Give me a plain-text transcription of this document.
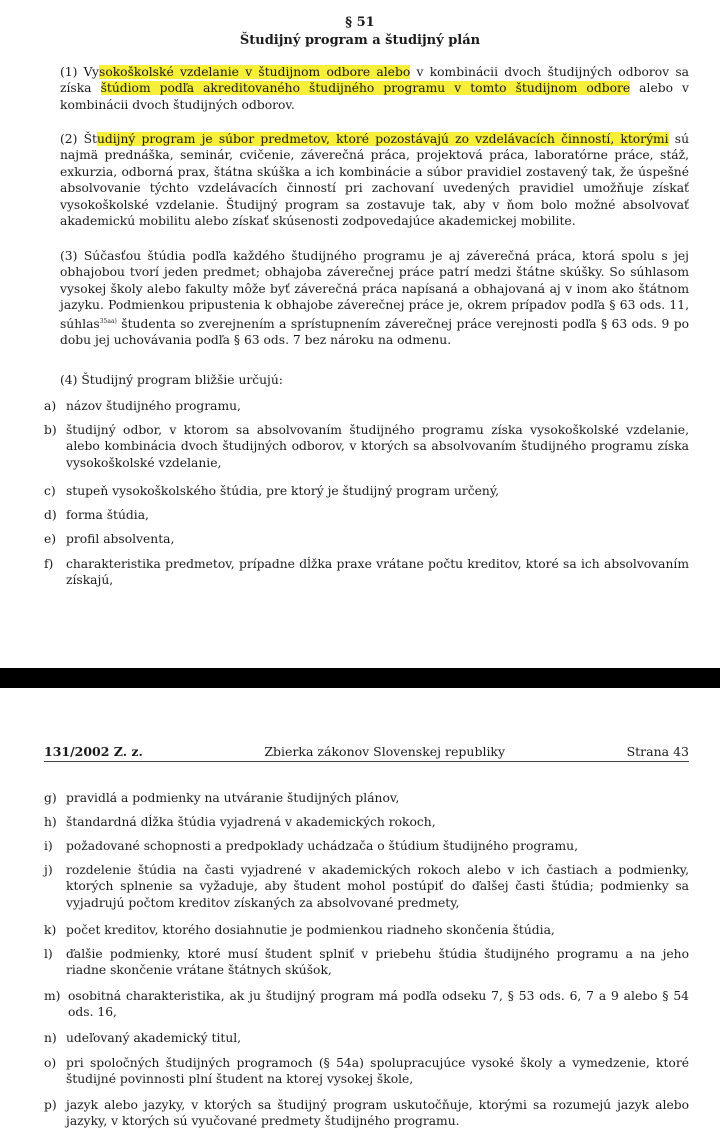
§ 51
Študijný program a študijný plán
(1) Vysokoškolské vzdelanie v študijnom odbore alebo v kombinácii dvoch študijných odborov sa získa štúdiom podľa akreditovaného študijného programu v tomto študijnom odbore alebo v kombinácii dvoch študijných odborov.
(2) Študijný program je súbor predmetov, ktoré pozostávajú zo vzdelávacích činností, ktorými sú najmä prednáška, seminár, cvičenie, záverečná práca, projektová práca, laboratórne práce, stáž, exkurzia, odborná prax, štátna skúška a ich kombinácie a súbor pravidiel zostavený tak, že úspešné absolvovanie týchto vzdelávacích činností pri zachovaní uvedených pravidiel umožňuje získať vysokoškolské vzdelanie. Študijný program sa zostavuje tak, aby v ňom bolo možné absolvovať akademickú mobilitu alebo získať skúsenosti zodpovedajúce akademickej mobilite.
(3) Súčasťou štúdia podľa každého študijného programu je aj záverečná práca, ktorá spolu s jej obhajobou tvorí jeden predmet; obhajoba záverečnej práce patrí medzi štátne skúšky. So súhlasom vysokej školy alebo fakulty môže byť záverečná práca napísaná a obhajovaná aj v inom ako štátnom jazyku. Podmienkou pripustenia k obhajobe záverečnej práce je, okrem prípadov podľa § 63 ods. 11, súhlas$^{35aa)}$ študenta so zverejnením a sprístupnením záverečnej práce verejnosti podľa § 63 ods. 9 po dobu jej uchovávania podľa § 63 ods. 7 bez nároku na odmenu.
(4) Študijný program bližšie určujú:
a) názov študijného programu,
b) študijný odbor, v ktorom sa absolvovaním študijného programu získa vysokoškolské vzdelanie, alebo kombinácia dvoch študijných odborov, v ktorých sa absolvovaním študijného programu získa vysokoškolské vzdelanie,
c) stupeň vysokoškolského štúdia, pre ktorý je študijný program určený,
d) forma štúdia,
e) profil absolventa,
f)	charakteristika predmetov, prípadne dĺžka praxe vrátane počtu kreditov, ktoré sa ich absolvovaním získajú,
131/2002 Z. z.	Zbierka zákonov Slovenskej republiky	Strana 43
g) pravidlá a podmienky na utváranie študijných plánov,
h) štandardná dĺžka štúdia vyjadrená v akademických rokoch,
i)	požadované schopnosti a predpoklady uchádzača o štúdium študijného programu,
j)	rozdelenie štúdia na časti vyjadrené v akademických rokoch alebo v ich častiach a podmienky, ktorých splnenie sa vyžaduje, aby študent mohol postúpiť do ďalšej časti štúdia; podmienky sa vyjadrujú počtom kreditov získaných za absolvované predmety,
k) počet kreditov, ktorého dosiahnutie je podmienkou riadneho skončenia štúdia,
l)	ďalšie podmienky, ktoré musí študent splniť v priebehu štúdia študijného programu a na jeho riadne skončenie vrátane štátnych skúšok,
m) osobitná charakteristika, ak ju študijný program má podľa odseku 7, § 53 ods. 6, 7 a 9 alebo § 54 ods. 16,
n) udeľovaný akademický titul,
o) pri spoločných študijných programoch (§ 54a) spolupracujúce vysoké školy a vymedzenie, ktoré študijné povinnosti plní študent na ktorej vysokej škole,
p) jazyk alebo jazyky, v ktorých sa študijný program uskutočňuje, ktorými sa rozumejú jazyk alebo jazyky, v ktorých sú vyučované predmety študijného programu.
